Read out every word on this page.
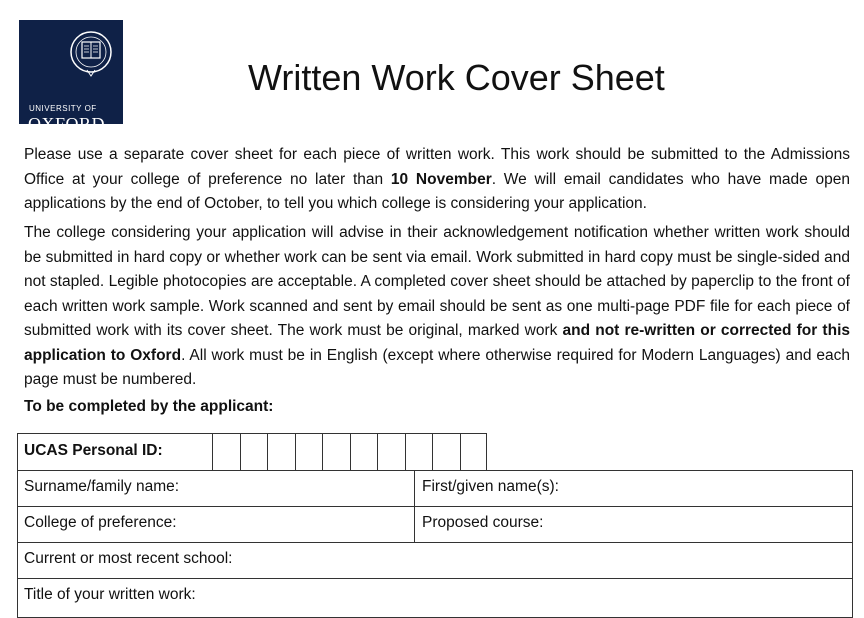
UNIVERSITY OF
OXFORD
Written Work Cover Sheet

Please use a separate cover sheet for each piece of written work. This work should be submitted to the Admissions Office at your college of preference no later than 10 November. We will email candidates who have made open applications by the end of October, to tell you which college is considering your application.

The college considering your application will advise in their acknowledgement notification whether written work should be submitted in hard copy or whether work can be sent via email. Work submitted in hard copy must be single-sided and not stapled. Legible photocopies are acceptable. A completed cover sheet should be attached by paperclip to the front of each written work sample. Work scanned and sent by email should be sent as one multi-page PDF file for each piece of submitted work with its cover sheet. The work must be original, marked work and not re-written or corrected for this application to Oxford. All work must be in English (except where otherwise required for Modern Languages) and each page must be numbered.

To be completed by the applicant:
UCAS Personal ID:
Surname/family name:	First/given name(s):
College of preference:	Proposed course:
Current or most recent school:
Title of your written work:
